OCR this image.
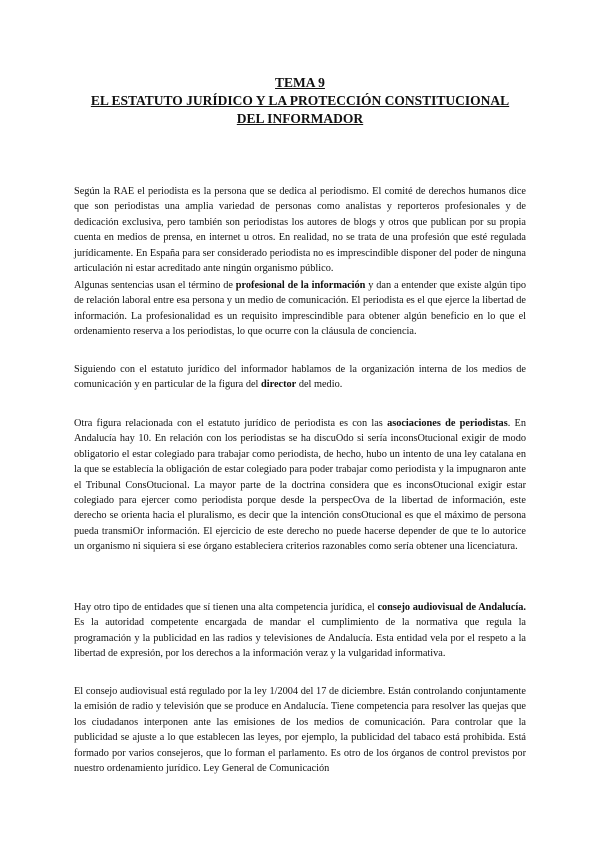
TEMA 9
EL ESTATUTO JURÍDICO Y LA PROTECCIÓN CONSTITUCIONAL
DEL INFORMADOR

Según la RAE el periodista es la persona que se dedica al periodismo. El comité de derechos humanos dice que son periodistas una amplia variedad de personas como analistas y reporteros profesionales y de dedicación exclusiva, pero también son periodistas los autores de blogs y otros que publican por su propia cuenta en medios de prensa, en internet u otros. En realidad, no se trata de una profesión que esté regulada jurídicamente. En España para ser considerado periodista no es imprescindible disponer del poder de ninguna articulación ni estar acreditado ante ningún organismo público.

Algunas sentencias usan el término de profesional de la información y dan a entender que existe algún tipo de relación laboral entre esa persona y un medio de comunicación. El periodista es el que ejerce la libertad de información. La profesionalidad es un requisito imprescindible para obtener algún beneficio en lo que el ordenamiento reserva a los periodistas, lo que ocurre con la cláusula de conciencia.

Siguiendo con el estatuto jurídico del informador hablamos de la organización interna de los medios de comunicación y en particular de la figura del director del medio.

Otra figura relacionada con el estatuto jurídico de periodista es con las asociaciones de periodistas. En Andalucía hay 10. En relación con los periodistas se ha discuOdo si sería inconsOtucional exigir de modo obligatorio el estar colegiado para trabajar como periodista, de hecho, hubo un intento de una ley catalana en la que se establecía la obligación de estar colegiado para poder trabajar como periodista y la impugnaron ante el Tribunal ConsOtucional. La mayor parte de la doctrina considera que es inconsOtucional exigir estar colegiado para ejercer como periodista porque desde la perspecOva de la libertad de información, este derecho se orienta hacia el pluralismo, es decir que la intención consOtucional es que el máximo de persona pueda transmiOr información. El ejercicio de este derecho no puede hacerse depender de que te lo autorice un organismo ni siquiera si ese órgano estableciera criterios razonables como sería obtener una licenciatura.

Hay otro tipo de entidades que sí tienen una alta competencia jurídica, el consejo audiovisual de Andalucía. Es la autoridad competente encargada de mandar el cumplimiento de la normativa que regula la programación y la publicidad en las radios y televisiones de Andalucía. Esta entidad vela por el respeto a la libertad de expresión, por los derechos a la información veraz y la vulgaridad informativa.

El consejo audiovisual está regulado por la ley 1/2004 del 17 de diciembre. Están controlando conjuntamente la emisión de radio y televisión que se produce en Andalucía. Tiene competencia para resolver las quejas que los ciudadanos interponen ante las emisiones de los medios de comunicación. Para controlar que la publicidad se ajuste a lo que establecen las leyes, por ejemplo, la publicidad del tabaco está prohibida. Está formado por varios consejeros, que lo forman el parlamento. Es otro de los órganos de control previstos por nuestro ordenamiento jurídico. Ley General de Comunicación
